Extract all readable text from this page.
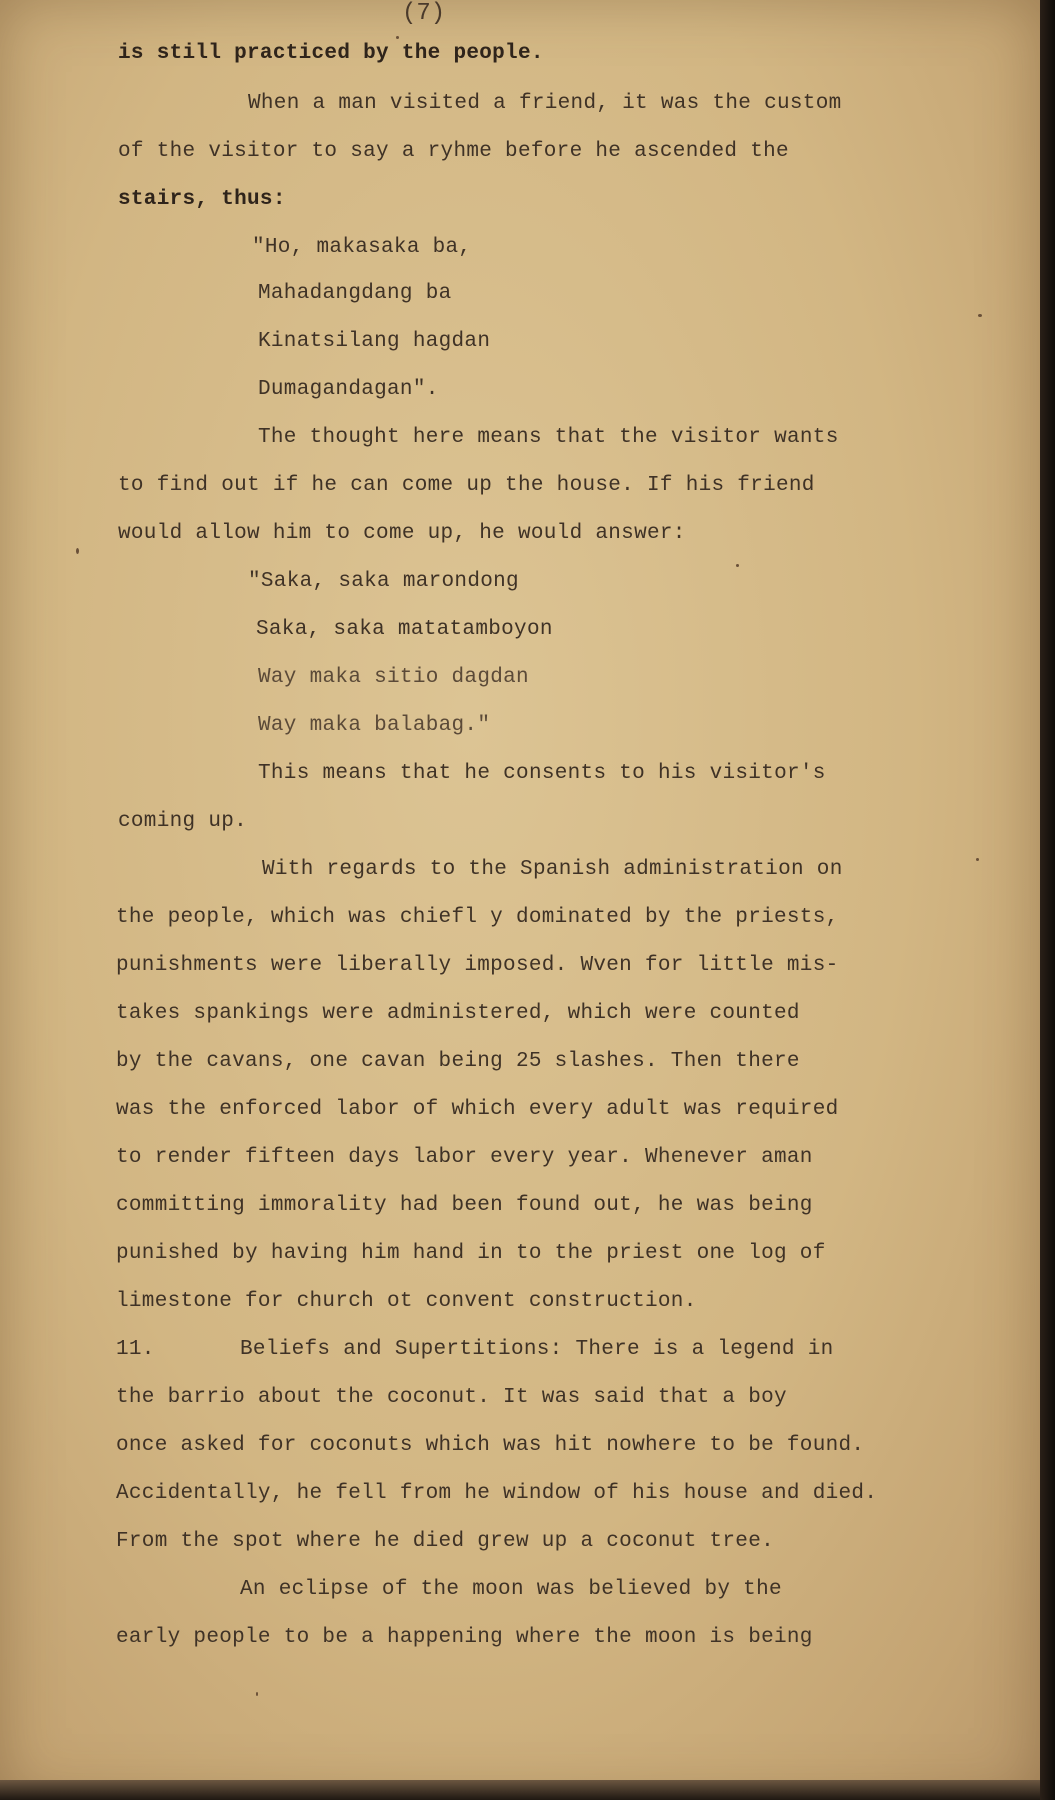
(7)
is still practiced by the people.
When a man visited a friend, it was the custom
of the visitor to say a ryhme before he ascended the
stairs, thus:
"Ho, makasaka ba,
Mahadangdang ba
Kinatsilang hagdan
Dumagandagan".
The thought here means that the visitor wants
to find out if he can come up the house. If his friend
would allow him to come up, he would answer:
"Saka, saka marondong
Saka, saka matatamboyon
Way maka sitio dagdan
Way maka balabag."
This means that he consents to his visitor's
coming up.
With regards to the Spanish administration on
the people, which was chiefl y dominated by the priests,
punishments were liberally imposed. Wven for little mis-
takes spankings were administered, which were counted
by the cavans, one cavan being 25 slashes. Then there
was the enforced labor of which every adult was required
to render fifteen days labor every year. Whenever aman
committing immorality had been found out, he was being
punished by having him hand in to the priest one log of
limestone for church ot convent construction.
11.	Beliefs and Supertitions: There is a legend in
the barrio about the coconut. It was said that a boy
once asked for coconuts which was hit nowhere to be found.
Accidentally, he fell from he window of his house and died.
From the spot where he died grew up a coconut tree.
An eclipse of the moon was believed by the
early people to be a happening where the moon is being
